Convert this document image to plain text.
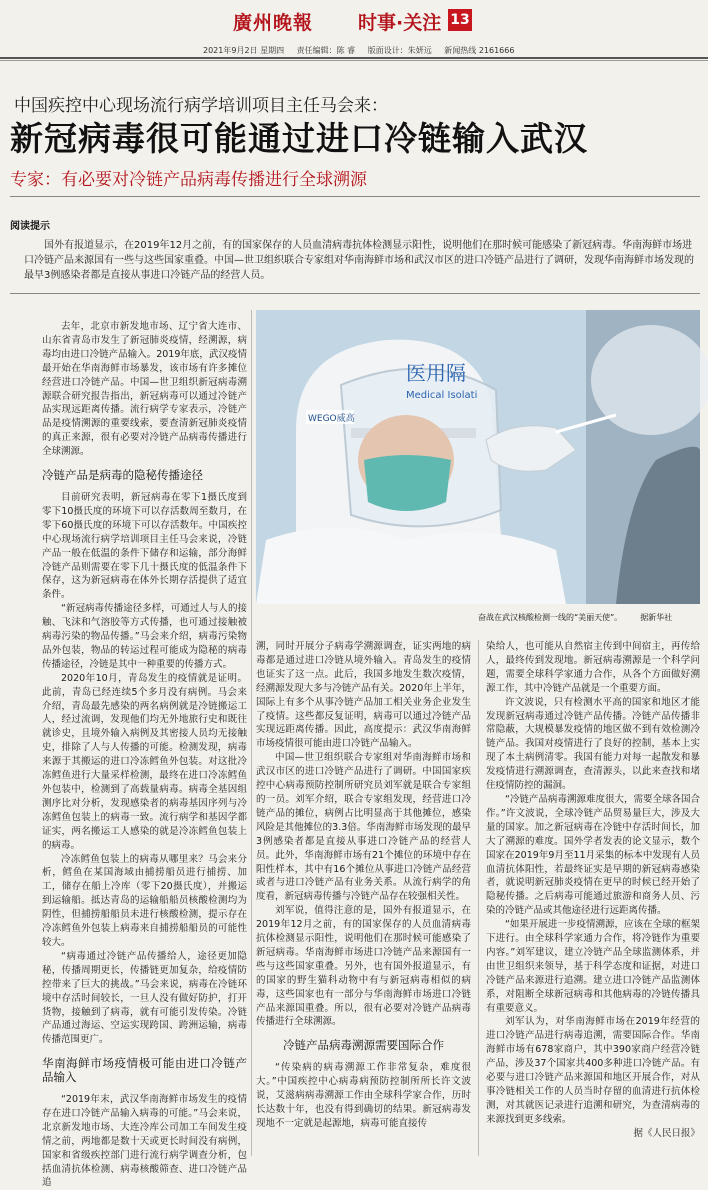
廣州晚報 时事·关注 13
2021年9月2日 星期四 责任编辑：陈 睿 版面设计：朱妍远 新闻热线 2161666
中国疾控中心现场流行病学培训项目主任马会来：
新冠病毒很可能通过进口冷链输入武汉
专家：有必要对冷链产品病毒传播进行全球溯源
阅读提示
国外有报道显示，在2019年12月之前，有的国家保存的人员血清病毒抗体检测显示阳性，说明他们在那时候可能感染了新冠病毒。华南海鲜市场进口冷链产品来源国有一些与这些国家重叠。中国—世卫组织联合专家组对华南海鲜市场和武汉市区的进口冷链产品进行了调研，发现华南海鲜市场发现的最早3例感染者都是直接从事进口冷链产品的经营人员。

去年，北京市新发地市场、辽宁省大连市、山东省青岛市发生了新冠肺炎疫情，经溯源，病毒均由进口冷链产品输入。2019年底，武汉疫情最开始在华南海鲜市场暴发，该市场有许多摊位经营进口冷链产品。中国—世卫组织新冠病毒溯源联合研究报告指出，新冠病毒可以通过冷链产品实现远距离传播。流行病学专家表示，冷链产品是疫情溯源的重要线索，要查清新冠肺炎疫情的真正来源，很有必要对冷链产品病毒传播进行全球溯源。

冷链产品是病毒的隐秘传播途径

目前研究表明，新冠病毒在零下1摄氏度到零下10摄氏度的环境下可以存活数周至数月，在零下60摄氏度的环境下可以存活数年。中国疾控中心现场流行病学培训项目主任马会来说，冷链产品一般在低温的条件下储存和运输，部分海鲜冷链产品则需要在零下几十摄氏度的低温条件下保存，这为新冠病毒在体外长期存活提供了适宜条件。

“新冠病毒传播途径多样，可通过人与人的接触、飞沫和气溶胶等方式传播，也可通过接触被病毒污染的物品传播。”马会来介绍，病毒污染物品外包装，物品的转运过程可能成为隐秘的病毒传播途径，冷链是其中一种重要的传播方式。

2020年10月，青岛发生的疫情就是证明。此前，青岛已经连续5个多月没有病例。马会来介绍，青岛最先感染的两名病例就是冷链搬运工人，经过流调，发现他们均无外地旅行史和既往就诊史，且境外输入病例及其密接人员均无接触史，排除了人与人传播的可能。检测发现，病毒来源于其搬运的进口冷冻鳕鱼外包装。对这批冷冻鳕鱼进行大量采样检测，最终在进口冷冻鳕鱼外包装中，检测到了高载量病毒。病毒全基因组测序比对分析，发现感染者的病毒基因序列与冷冻鳕鱼包装上的病毒一致。流行病学和基因学都证实，两名搬运工人感染的就是冷冻鳕鱼包装上的病毒。

冷冻鳕鱼包装上的病毒从哪里来？马会来分析，鳕鱼在某国海域由捕捞船员进行捕捞、加工，储存在船上冷库（零下20摄氏度），并搬运到运输船。抵达青岛的运输船船员核酸检测均为阴性，但捕捞船船员未进行核酸检测，提示存在冷冻鳕鱼外包装上病毒来自捕捞船船员的可能性较大。

“病毒通过冷链产品传播给人，途径更加隐秘，传播周期更长，传播链更加复杂，给疫情防控带来了巨大的挑战。”马会来说，病毒在冷链环境中存活时间较长，一旦人没有做好防护，打开货物，接触到了病毒，就有可能引发传染。冷链产品通过海运、空运实现跨国、跨洲运输，病毒传播范围更广。

华南海鲜市场疫情极可能由进口冷链产品输入

“2019年末，武汉华南海鲜市场发生的疫情存在进口冷链产品输入病毒的可能。”马会来说，北京新发地市场、大连冷库公司加工车间发生疫情之前，两地都是数十天或更长时间没有病例，国家和省级疾控部门进行流行病学调查分析，包括血清抗体检测、病毒核酸筛查、进口冷链产品追

WEGO威高
医用隔
Medical Isolati
奋战在武汉核酸检测一线的“美丽天使”。 据新华社

溯，同时开展分子病毒学溯源调查，证实两地的病毒都是通过进口冷链从境外输入。青岛发生的疫情也证实了这一点。此后，我国多地发生数次疫情，经溯源发现大多与冷链产品有关。2020年上半年，国际上有多个从事冷链产品加工相关业务企业发生了疫情。这些都反复证明，病毒可以通过冷链产品实现远距离传播。因此，高度提示：武汉华南海鲜市场疫情很可能由进口冷链产品输入。

中国—世卫组织联合专家组对华南海鲜市场和武汉市区的进口冷链产品进行了调研。中国国家疾控中心病毒预防控制所研究员刘军就是联合专家组的一员。刘军介绍，联合专家组发现，经营进口冷链产品的摊位，病例占比明显高于其他摊位，感染风险是其他摊位的3.3倍。华南海鲜市场发现的最早3例感染者都是直接从事进口冷链产品的经营人员。此外，华南海鲜市场有21个摊位的环境中存在阳性样本，其中有16个摊位从事进口冷链产品经营或者与进口冷链产品有业务关系。从流行病学的角度看，新冠病毒传播与冷链产品存在较强相关性。

刘军说，值得注意的是，国外有报道显示，在2019年12月之前，有的国家保存的人员血清病毒抗体检测显示阳性，说明他们在那时候可能感染了新冠病毒。华南海鲜市场进口冷链产品来源国有一些与这些国家重叠。另外，也有国外报道显示，有的国家的野生猫科动物中有与新冠病毒相似的病毒，这些国家也有一部分与华南海鲜市场进口冷链产品来源国重叠。所以，很有必要对冷链产品病毒传播进行全球溯源。

冷链产品病毒溯源需要国际合作

“传染病的病毒溯源工作非常复杂，难度很大。”中国疾控中心病毒病预防控制所所长许文波说，艾滋病病毒溯源工作由全球科学家合作，历时长达数十年，也没有得到确切的结果。新冠病毒发现地不一定就是起源地，病毒可能直接传

染给人，也可能从自然宿主传到中间宿主，再传给人，最终传到发现地。新冠病毒溯源是一个科学问题，需要全球科学家通力合作，从各个方面做好溯源工作，其中冷链产品就是一个重要方面。

许文波说，只有检测水平高的国家和地区才能发现新冠病毒通过冷链产品传播。冷链产品传播非常隐蔽，大规模暴发疫情的地区做不到有效检测冷链产品。我国对疫情进行了良好的控制，基本上实现了本土病例清零。我国有能力对每一起散发和暴发疫情进行溯源调查，查清源头，以此来查找和堵住疫情防控的漏洞。

“冷链产品病毒溯源难度很大，需要全球各国合作。”许文波说，全球冷链产品贸易量巨大，涉及大量的国家。加之新冠病毒在冷链中存活时间长，加大了溯源的难度。国外学者发表的论文显示，数个国家在2019年9月至11月采集的标本中发现有人员血清抗体阳性，若最终证实是早期的新冠病毒感染者，就说明新冠肺炎疫情在更早的时候已经开始了隐秘传播。之后病毒可能通过旅游和商务人员、污染的冷链产品或其他途径进行远距离传播。

“如果开展进一步疫情溯源，应该在全球的框架下进行。由全球科学家通力合作，将冷链作为重要内容。”刘军建议，建立冷链产品全球监测体系，并由世卫组织来领导，基于科学态度和证据，对进口冷链产品来源进行追溯。建立进口冷链产品监测体系，对阻断全球新冠病毒和其他病毒的冷链传播具有重要意义。

刘军认为，对华南海鲜市场在2019年经营的进口冷链产品进行病毒追溯，需要国际合作。华南海鲜市场有678家商户，其中390家商户经营冷链产品，涉及37个国家共400多种进口冷链产品。有必要与进口冷链产品来源国和地区开展合作，对从事冷链相关工作的人员当时存留的血清进行抗体检测，对其就医记录进行追溯和研究，为查清病毒的来源找到更多线索。

据《人民日报》
